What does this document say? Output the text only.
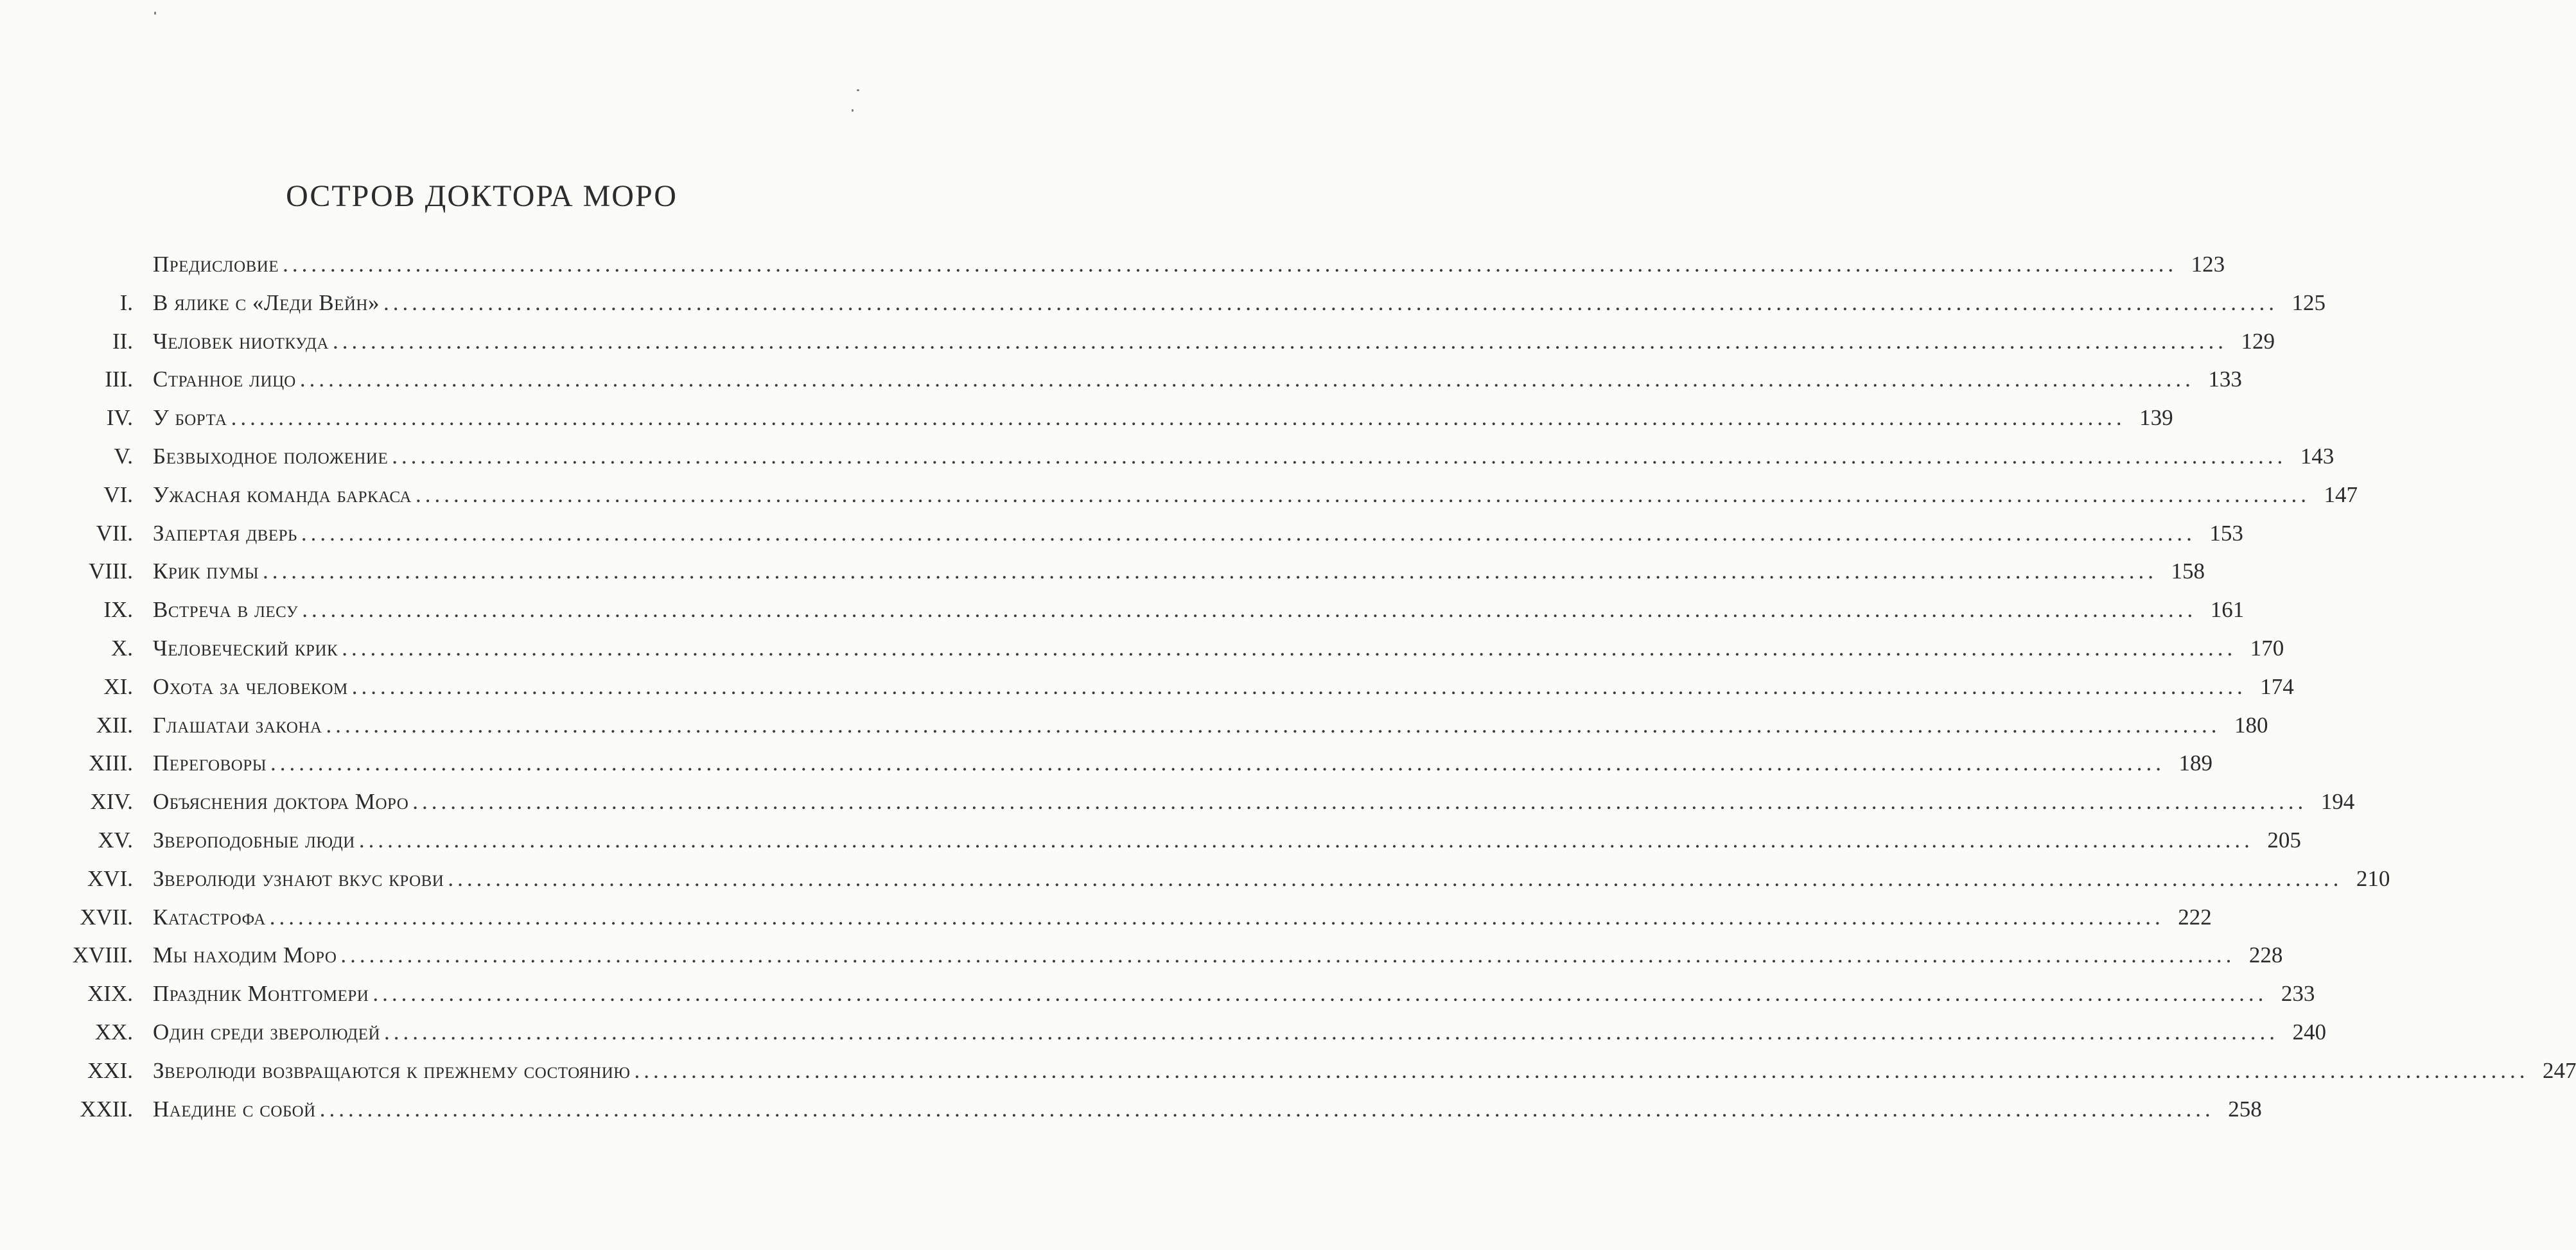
ОСТРОВ ДОКТОРА МОРО
Предисловие ........................................................................................................................................................................................................ 123
I. В ялике с «Леди Вейн» ........................................................................................................................................................................................................ 125
II. Человек ниоткуда ........................................................................................................................................................................................................ 129
III. Странное лицо ........................................................................................................................................................................................................ 133
IV. У борта ........................................................................................................................................................................................................ 139
V. Безвыходное положение ........................................................................................................................................................................................................ 143
VI. Ужасная команда баркаса ........................................................................................................................................................................................................ 147
VII. Запертая дверь ........................................................................................................................................................................................................ 153
VIII. Крик пумы ........................................................................................................................................................................................................ 158
IX. Встреча в лесу ........................................................................................................................................................................................................ 161
X. Человеческий крик ........................................................................................................................................................................................................ 170
XI. Охота за человеком ........................................................................................................................................................................................................ 174
XII. Глашатаи закона ........................................................................................................................................................................................................ 180
XIII. Переговоры ........................................................................................................................................................................................................ 189
XIV. Объяснения доктора Моро ........................................................................................................................................................................................................ 194
XV. Звероподобные люди ........................................................................................................................................................................................................ 205
XVI. Зверолюди узнают вкус крови ........................................................................................................................................................................................................ 210
XVII. Катастрофа ........................................................................................................................................................................................................ 222
XVIII. Мы находим Моро ........................................................................................................................................................................................................ 228
XIX. Праздник Монтгомери ........................................................................................................................................................................................................ 233
XX. Один среди зверолюдей ........................................................................................................................................................................................................ 240
XXI. Зверолюди возвращаются к прежнему состоянию ........................................................................................................................................................................................................ 247
XXII. Наедине с собой ........................................................................................................................................................................................................ 258
